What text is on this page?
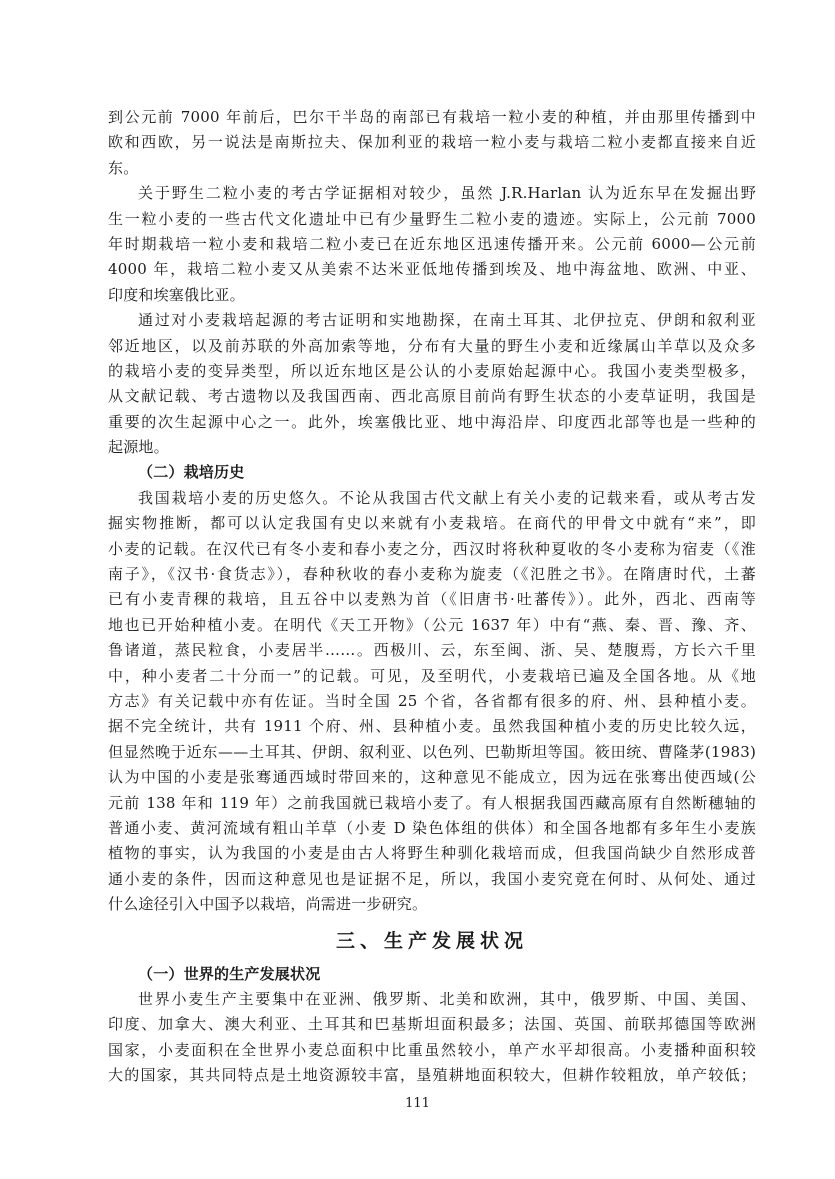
到公元前 7000 年前后，巴尔干半岛的南部已有栽培一粒小麦的种植，并由那里传播到中
欧和西欧，另一说法是南斯拉夫、保加利亚的栽培一粒小麦与栽培二粒小麦都直接来自近
东。
关于野生二粒小麦的考古学证据相对较少，虽然 J.R.Harlan 认为近东早在发掘出野
生一粒小麦的一些古代文化遗址中已有少量野生二粒小麦的遗迹。实际上，公元前 7000
年时期栽培一粒小麦和栽培二粒小麦已在近东地区迅速传播开来。公元前 6000—公元前
4000 年，栽培二粒小麦又从美索不达米亚低地传播到埃及、地中海盆地、欧洲、中亚、
印度和埃塞俄比亚。
通过对小麦栽培起源的考古证明和实地勘探，在南土耳其、北伊拉克、伊朗和叙利亚
邻近地区，以及前苏联的外高加索等地，分布有大量的野生小麦和近缘属山羊草以及众多
的栽培小麦的变异类型，所以近东地区是公认的小麦原始起源中心。我国小麦类型极多，
从文献记载、考古遗物以及我国西南、西北高原目前尚有野生状态的小麦草证明，我国是
重要的次生起源中心之一。此外，埃塞俄比亚、地中海沿岸、印度西北部等也是一些种的
起源地。
（二）栽培历史
我国栽培小麦的历史悠久。不论从我国古代文献上有关小麦的记载来看，或从考古发
掘实物推断，都可以认定我国有史以来就有小麦栽培。在商代的甲骨文中就有“来”，即
小麦的记载。在汉代已有冬小麦和春小麦之分，西汉时将秋种夏收的冬小麦称为宿麦（《淮
南子》，《汉书·食货志》），春种秋收的春小麦称为旋麦（《氾胜之书》。在隋唐时代，土蕃
已有小麦青稞的栽培，且五谷中以麦熟为首（《旧唐书·吐蕃传》）。此外，西北、西南等
地也已开始种植小麦。在明代《天工开物》（公元 1637 年）中有“燕、秦、晋、豫、齐、
鲁诸道，蒸民粒食，小麦居半……。西极川、云，东至闽、浙、吴、楚腹焉，方长六千里
中，种小麦者二十分而一”的记载。可见，及至明代，小麦栽培已遍及全国各地。从《地
方志》有关记载中亦有佐证。当时全国 25 个省，各省都有很多的府、州、县种植小麦。
据不完全统计，共有 1911 个府、州、县种植小麦。虽然我国种植小麦的历史比较久远，
但显然晚于近东——土耳其、伊朗、叙利亚、以色列、巴勒斯坦等国。筱田统、曹隆茅(1983)
认为中国的小麦是张骞通西域时带回来的，这种意见不能成立，因为远在张骞出使西域(公
元前 138 年和 119 年）之前我国就已栽培小麦了。有人根据我国西藏高原有自然断穗轴的
普通小麦、黄河流域有粗山羊草（小麦 D 染色体组的供体）和全国各地都有多年生小麦族
植物的事实，认为我国的小麦是由古人将野生种驯化栽培而成，但我国尚缺少自然形成普
通小麦的条件，因而这种意见也是证据不足，所以，我国小麦究竟在何时、从何处、通过
什么途径引入中国予以栽培，尚需进一步研究。
三、生产发展状况
（一）世界的生产发展状况
世界小麦生产主要集中在亚洲、俄罗斯、北美和欧洲，其中，俄罗斯、中国、美国、
印度、加拿大、澳大利亚、土耳其和巴基斯坦面积最多；法国、英国、前联邦德国等欧洲
国家，小麦面积在全世界小麦总面积中比重虽然较小，单产水平却很高。小麦播种面积较
大的国家，其共同特点是土地资源较丰富，垦殖耕地面积较大，但耕作较粗放，单产较低；
111
